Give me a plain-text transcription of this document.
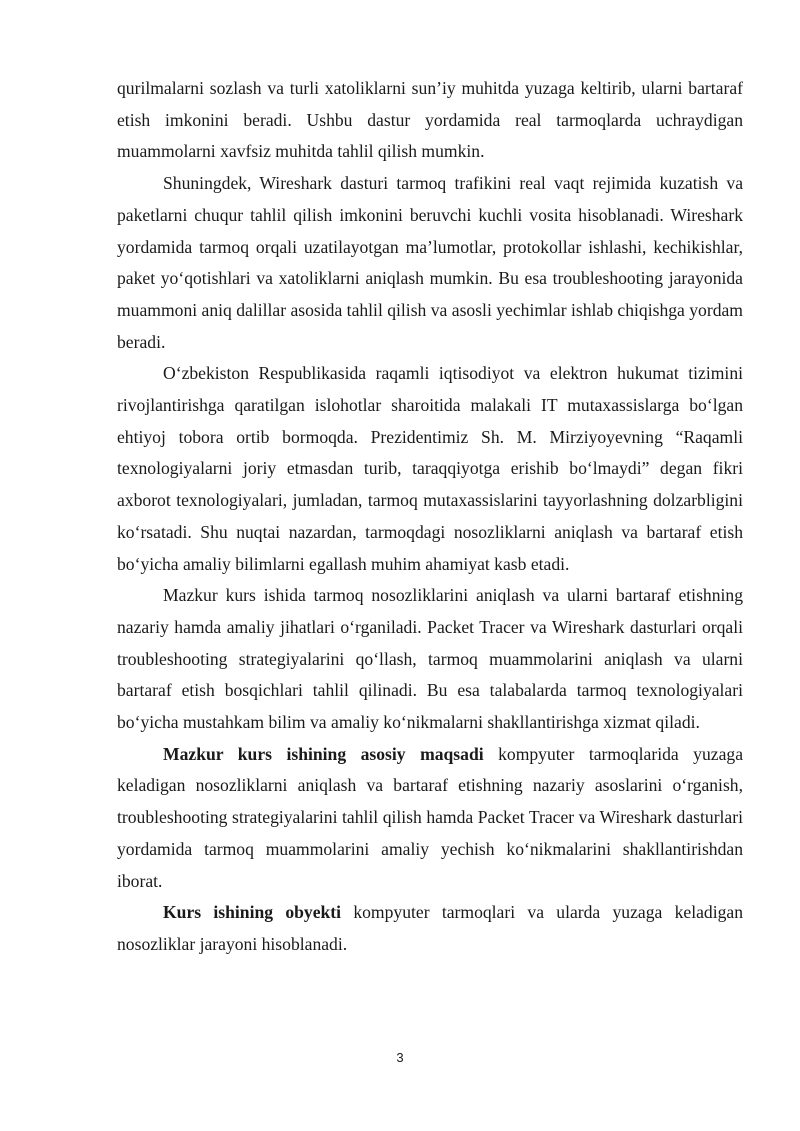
qurilmalarni sozlash va turli xatoliklarni sun’iy muhitda yuzaga keltirib, ularni bartaraf etish imkonini beradi. Ushbu dastur yordamida real tarmoqlarda uchraydigan muammolarni xavfsiz muhitda tahlil qilish mumkin.

Shuningdek, Wireshark dasturi tarmoq trafikini real vaqt rejimida kuzatish va paketlarni chuqur tahlil qilish imkonini beruvchi kuchli vosita hisoblanadi. Wireshark yordamida tarmoq orqali uzatilayotgan ma’lumotlar, protokollar ishlashi, kechikishlar, paket yo‘qotishlari va xatoliklarni aniqlash mumkin. Bu esa troubleshooting jarayonida muammoni aniq dalillar asosida tahlil qilish va asosli yechimlar ishlab chiqishga yordam beradi.

O‘zbekiston Respublikasida raqamli iqtisodiyot va elektron hukumat tizimini rivojlantirishga qaratilgan islohotlar sharoitida malakali IT mutaxassislarga bo‘lgan ehtiyoj tobora ortib bormoqda. Prezidentimiz Sh. M. Mirziyoyevning “Raqamli texnologiyalarni joriy etmasdan turib, taraqqiyotga erishib bo‘lmaydi” degan fikri axborot texnologiyalari, jumladan, tarmoq mutaxassislarini tayyorlashning dolzarbligini ko‘rsatadi. Shu nuqtai nazardan, tarmoqdagi nosozliklarni aniqlash va bartaraf etish bo‘yicha amaliy bilimlarni egallash muhim ahamiyat kasb etadi.

Mazkur kurs ishida tarmoq nosozliklarini aniqlash va ularni bartaraf etishning nazariy hamda amaliy jihatlari o‘rganiladi. Packet Tracer va Wireshark dasturlari orqali troubleshooting strategiyalarini qo‘llash, tarmoq muammolarini aniqlash va ularni bartaraf etish bosqichlari tahlil qilinadi. Bu esa talabalarda tarmoq texnologiyalari bo‘yicha mustahkam bilim va amaliy ko‘nikmalarni shakllantirishga xizmat qiladi.

Mazkur kurs ishining asosiy maqsadi kompyuter tarmoqlarida yuzaga keladigan nosozliklarni aniqlash va bartaraf etishning nazariy asoslarini o‘rganish, troubleshooting strategiyalarini tahlil qilish hamda Packet Tracer va Wireshark dasturlari yordamida tarmoq muammolarini amaliy yechish ko‘nikmalarini shakllantirishdan iborat.

Kurs ishining obyekti kompyuter tarmoqlari va ularda yuzaga keladigan nosozliklar jarayoni hisoblanadi.

3
